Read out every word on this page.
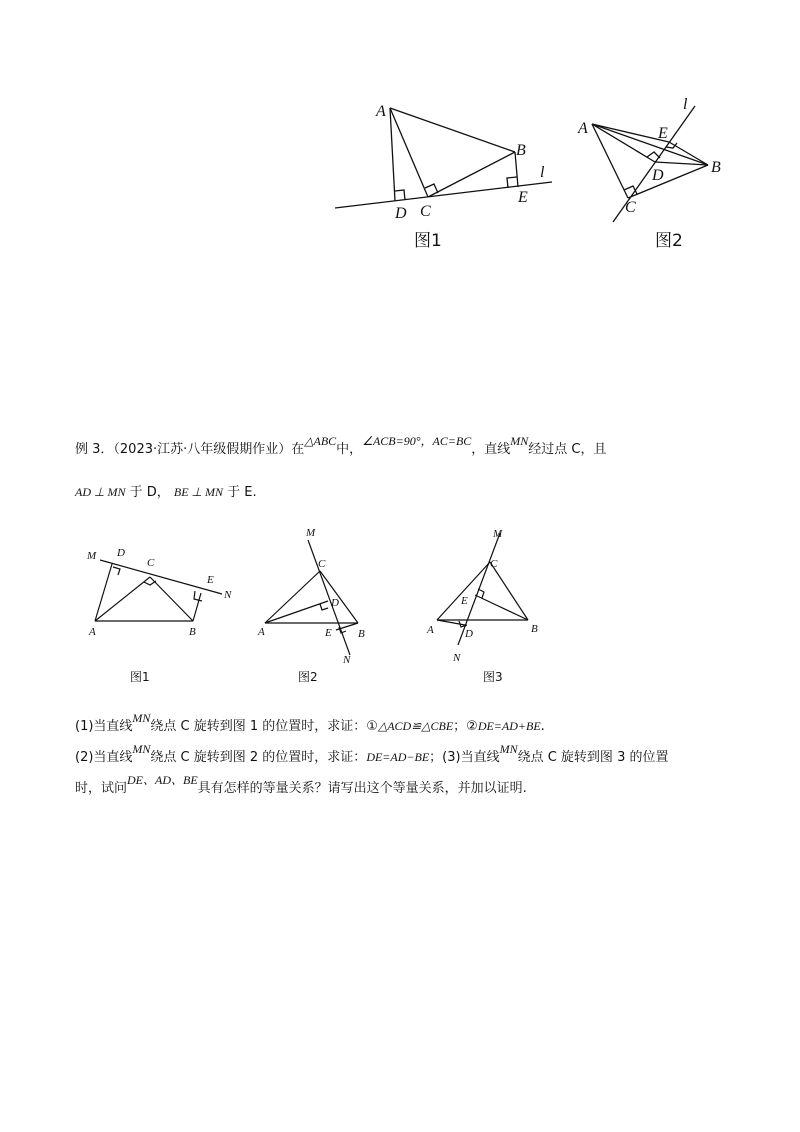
A
B
C
D
E
l
图1
A
B
C
D
E
l
图2
例 3．（2023·江苏·八年级假期作业）在△ABC中，∠ACB=90°，AC=BC，直线MN经过点 C，且
AD ⊥ MN 于 D， BE ⊥ MN 于 E.
M D
C
E
N
A	B
图1
M
C
D
A	E B
N
图2
M
C
E
A	D	B
N
图3
(1)当直线MN绕点 C 旋转到图 1 的位置时，求证：①△ACD≌△CBE；②DE=AD+BE.
(2)当直线MN绕点 C 旋转到图 2 的位置时，求证：DE=AD−BE；(3)当直线MN绕点 C 旋转到图 3 的位置
时，试问DE、AD、BE具有怎样的等量关系？请写出这个等量关系，并加以证明.
